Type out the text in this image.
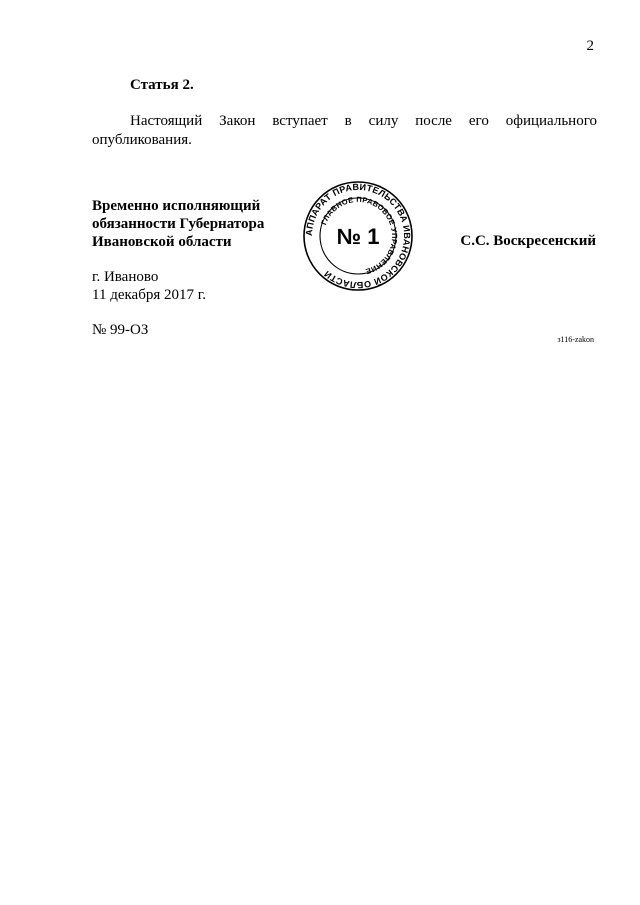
2
Статья 2.
Настоящий Закон вступает в силу после его официального
опубликования.
Временно исполняющий
обязанности Губернатора
Ивановской области
АППАРАТ ПРАВИТЕЛЬСТВА ИВАНОВСКОЙ ОБЛАСТИ
ГЛАВНОЕ ПРАВОВОЕ УПРАВЛЕНИЕ
№ 1	С.С. Воскресенский
г. Иваново
11 декабря 2017 г.
№ 99-ОЗ
з116-zakon
